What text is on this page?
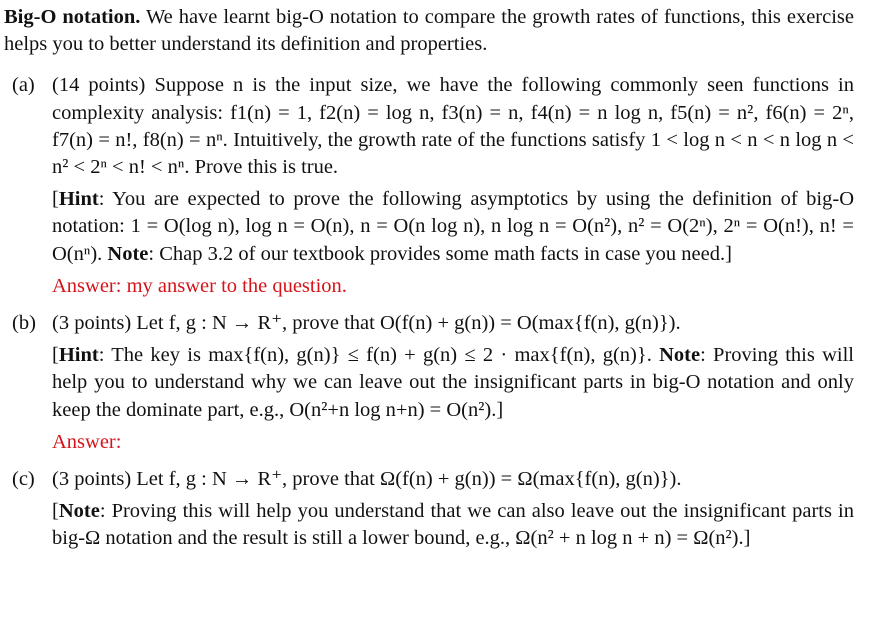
Big-O notation. We have learnt big-O notation to compare the growth rates of functions, this exercise helps you to better understand its definition and properties.
(a) (14 points) Suppose n is the input size, we have the following commonly seen functions in complexity analysis: f1(n) = 1, f2(n) = log n, f3(n) = n, f4(n) = n log n, f5(n) = n², f6(n) = 2ⁿ, f7(n) = n!, f8(n) = nⁿ. Intuitively, the growth rate of the functions satisfy 1 < log n < n < n log n < n² < 2ⁿ < n! < nⁿ. Prove this is true.
[Hint: You are expected to prove the following asymptotics by using the definition of big-O notation: 1 = O(log n), log n = O(n), n = O(n log n), n log n = O(n²), n² = O(2ⁿ), 2ⁿ = O(n!), n! = O(nⁿ). Note: Chap 3.2 of our textbook provides some math facts in case you need.]
Answer: my answer to the question.
(b) (3 points) Let f, g : N → R⁺, prove that O(f(n) + g(n)) = O(max{f(n), g(n)}).
[Hint: The key is max{f(n), g(n)} ≤ f(n) + g(n) ≤ 2 · max{f(n), g(n)}. Note: Proving this will help you to understand why we can leave out the insignificant parts in big-O notation and only keep the dominate part, e.g., O(n²+n log n+n) = O(n²).]
Answer:
(c) (3 points) Let f, g : N → R⁺, prove that Ω(f(n) + g(n)) = Ω(max{f(n), g(n)}).
[Note: Proving this will help you understand that we can also leave out the insignificant parts in big-Ω notation and the result is still a lower bound, e.g., Ω(n² + n log n + n) = Ω(n²).]
